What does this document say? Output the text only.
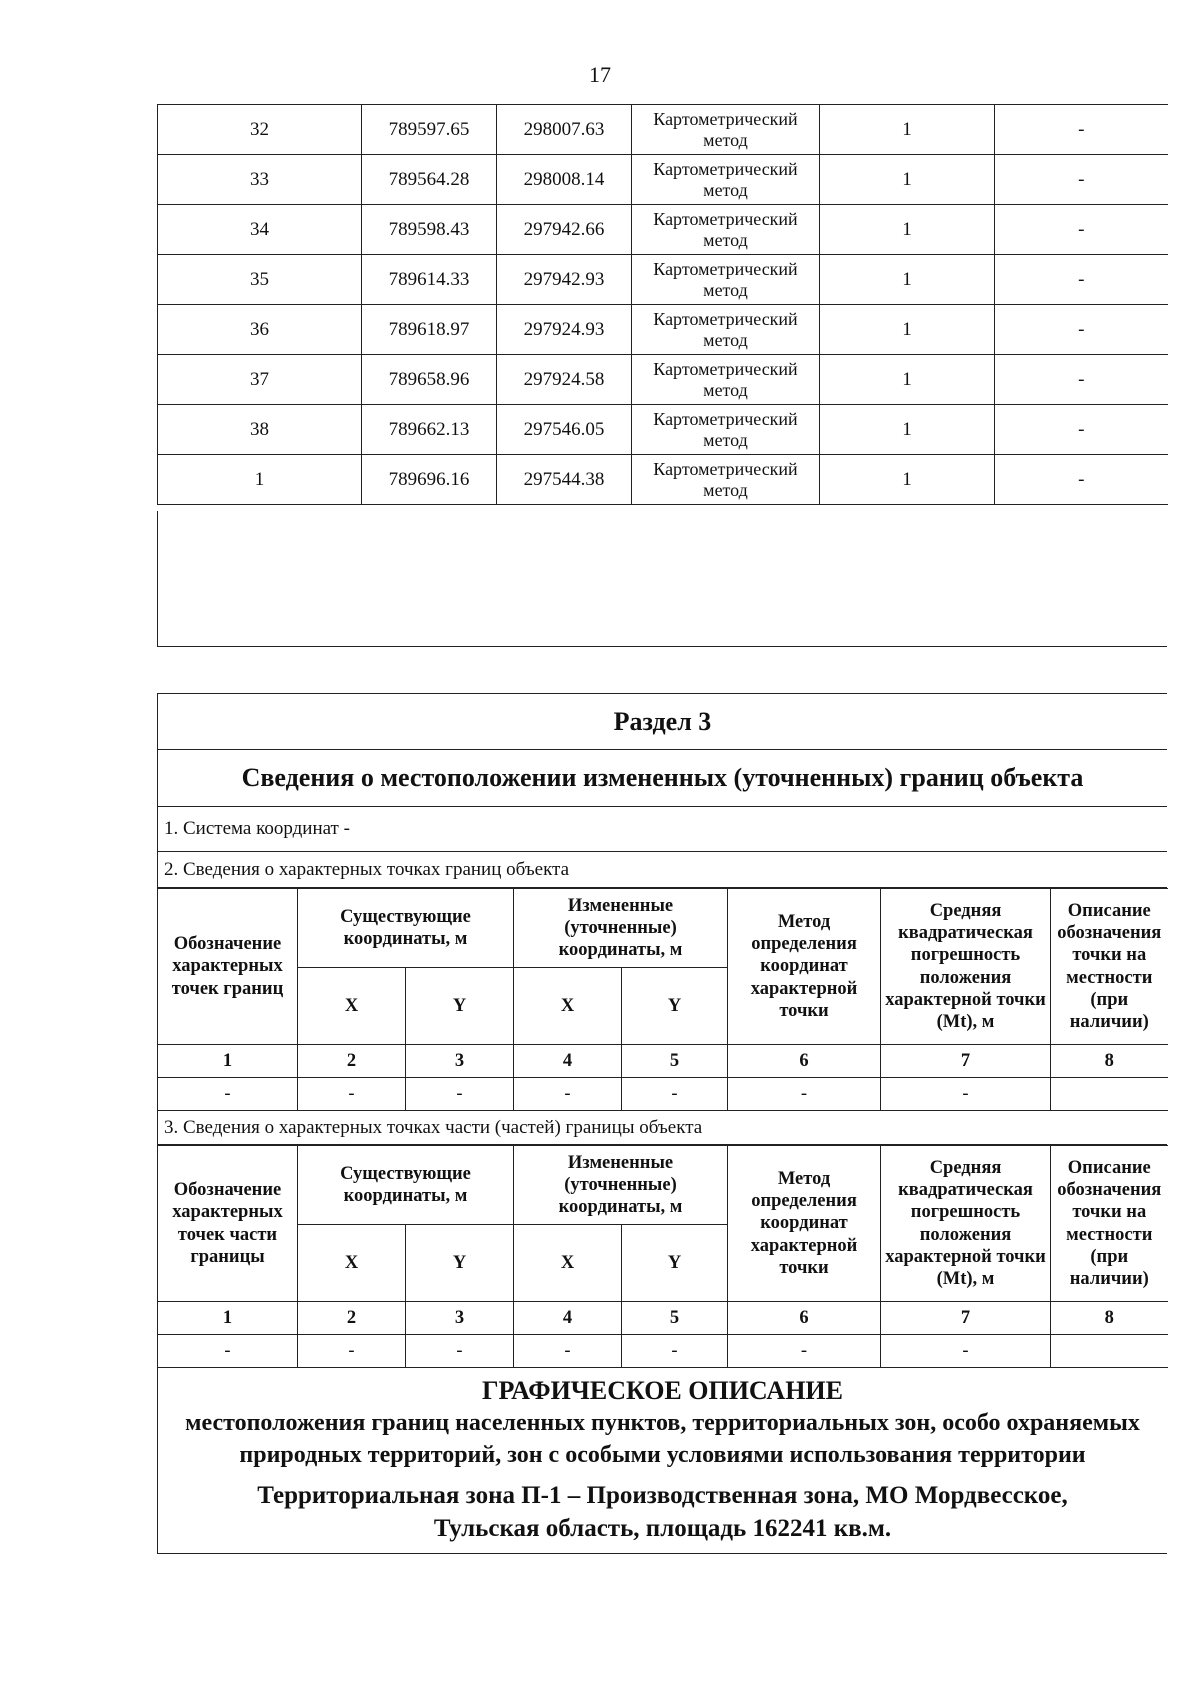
17
32	789597.65	298007.63	Картометрический метод	1	-
33	789564.28	298008.14	Картометрический метод	1	-
34	789598.43	297942.66	Картометрический метод	1	-
35	789614.33	297942.93	Картометрический метод	1	-
36	789618.97	297924.93	Картометрический метод	1	-
37	789658.96	297924.58	Картометрический метод	1	-
38	789662.13	297546.05	Картометрический метод	1	-
1	789696.16	297544.38	Картометрический метод	1	-
Раздел 3
Сведения о местоположении измененных (уточненных) границ объекта
1. Система координат -
2. Сведения о характерных точках границ объекта
Обозначение характерных точек границ	Существующие координаты, м		Измененные (уточненные) координаты, м		Метод определения координат характерной точки	Средняя квадратическая погрешность положения характерной точки (Mt), м	Описание обозначения точки на местности (при наличии)
	X	Y	X	Y			
1	2	3	4	5	6	7	8
-	-	-	-	-	-	-	
3. Сведения о характерных точках части (частей) границы объекта
Обозначение характерных точек части границы	Существующие координаты, м		Измененные (уточненные) координаты, м		Метод определения координат характерной точки	Средняя квадратическая погрешность положения характерной точки (Mt), м	Описание обозначения точки на местности (при наличии)
	X	Y	X	Y			
1	2	3	4	5	6	7	8
-	-	-	-	-	-	-	
ГРАФИЧЕСКОЕ ОПИСАНИЕ
местоположения границ населенных пунктов, территориальных зон, особо охраняемых природных территорий, зон с особыми условиями использования территории
Территориальная зона П-1 – Производственная зона, МО Мордвесское,
Тульская область, площадь 162241 кв.м.
